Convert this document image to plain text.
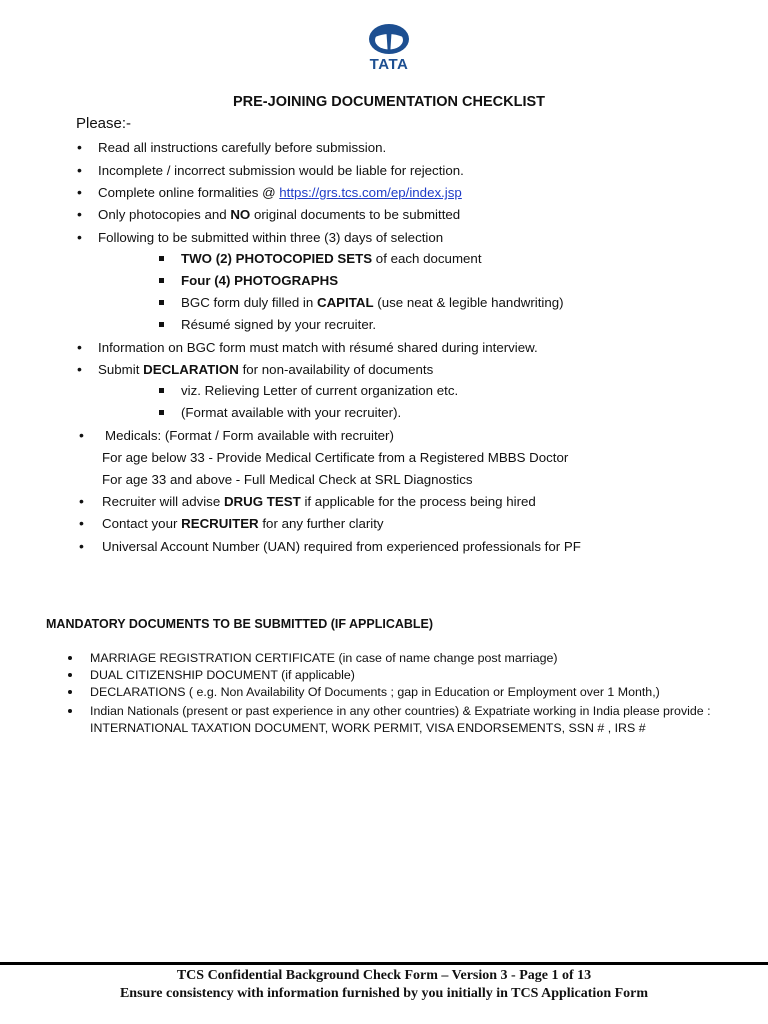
TATA
PRE-JOINING DOCUMENTATION CHECKLIST
Please:-
• Read all instructions carefully before submission.
• Incomplete / incorrect submission would be liable for rejection.
• Complete online formalities @ https://grs.tcs.com/ep/index.jsp
• Only photocopies and NO original documents to be submitted
• Following to be submitted within three (3) days of selection
TWO (2) PHOTOCOPIED SETS of each document
Four (4) PHOTOGRAPHS
BGC form duly filled in CAPITAL (use neat & legible handwriting)
Résumé signed by your recruiter.
• Information on BGC form must match with résumé shared during interview.
• Submit DECLARATION for non-availability of documents
viz. Relieving Letter of current organization etc.
(Format available with your recruiter).
• Medicals: (Format / Form available with recruiter)
For age below 33 - Provide Medical Certificate from a Registered MBBS Doctor
For age 33 and above - Full Medical Check at SRL Diagnostics
• Recruiter will advise DRUG TEST if applicable for the process being hired
• Contact your RECRUITER for any further clarity
• Universal Account Number (UAN) required from experienced professionals for PF
MANDATORY DOCUMENTS TO BE SUBMITTED (IF APPLICABLE)
MARRIAGE REGISTRATION CERTIFICATE (in case of name change post marriage)
DUAL CITIZENSHIP DOCUMENT (if applicable)
DECLARATIONS ( e.g. Non Availability Of Documents ; gap in Education or Employment over 1 Month,)
Indian Nationals (present or past experience in any other countries) & Expatriate working in India please provide :
INTERNATIONAL TAXATION DOCUMENT, WORK PERMIT, VISA ENDORSEMENTS, SSN # , IRS #
TCS Confidential Background Check Form – Version 3 - Page 1 of 13
Ensure consistency with information furnished by you initially in TCS Application Form
